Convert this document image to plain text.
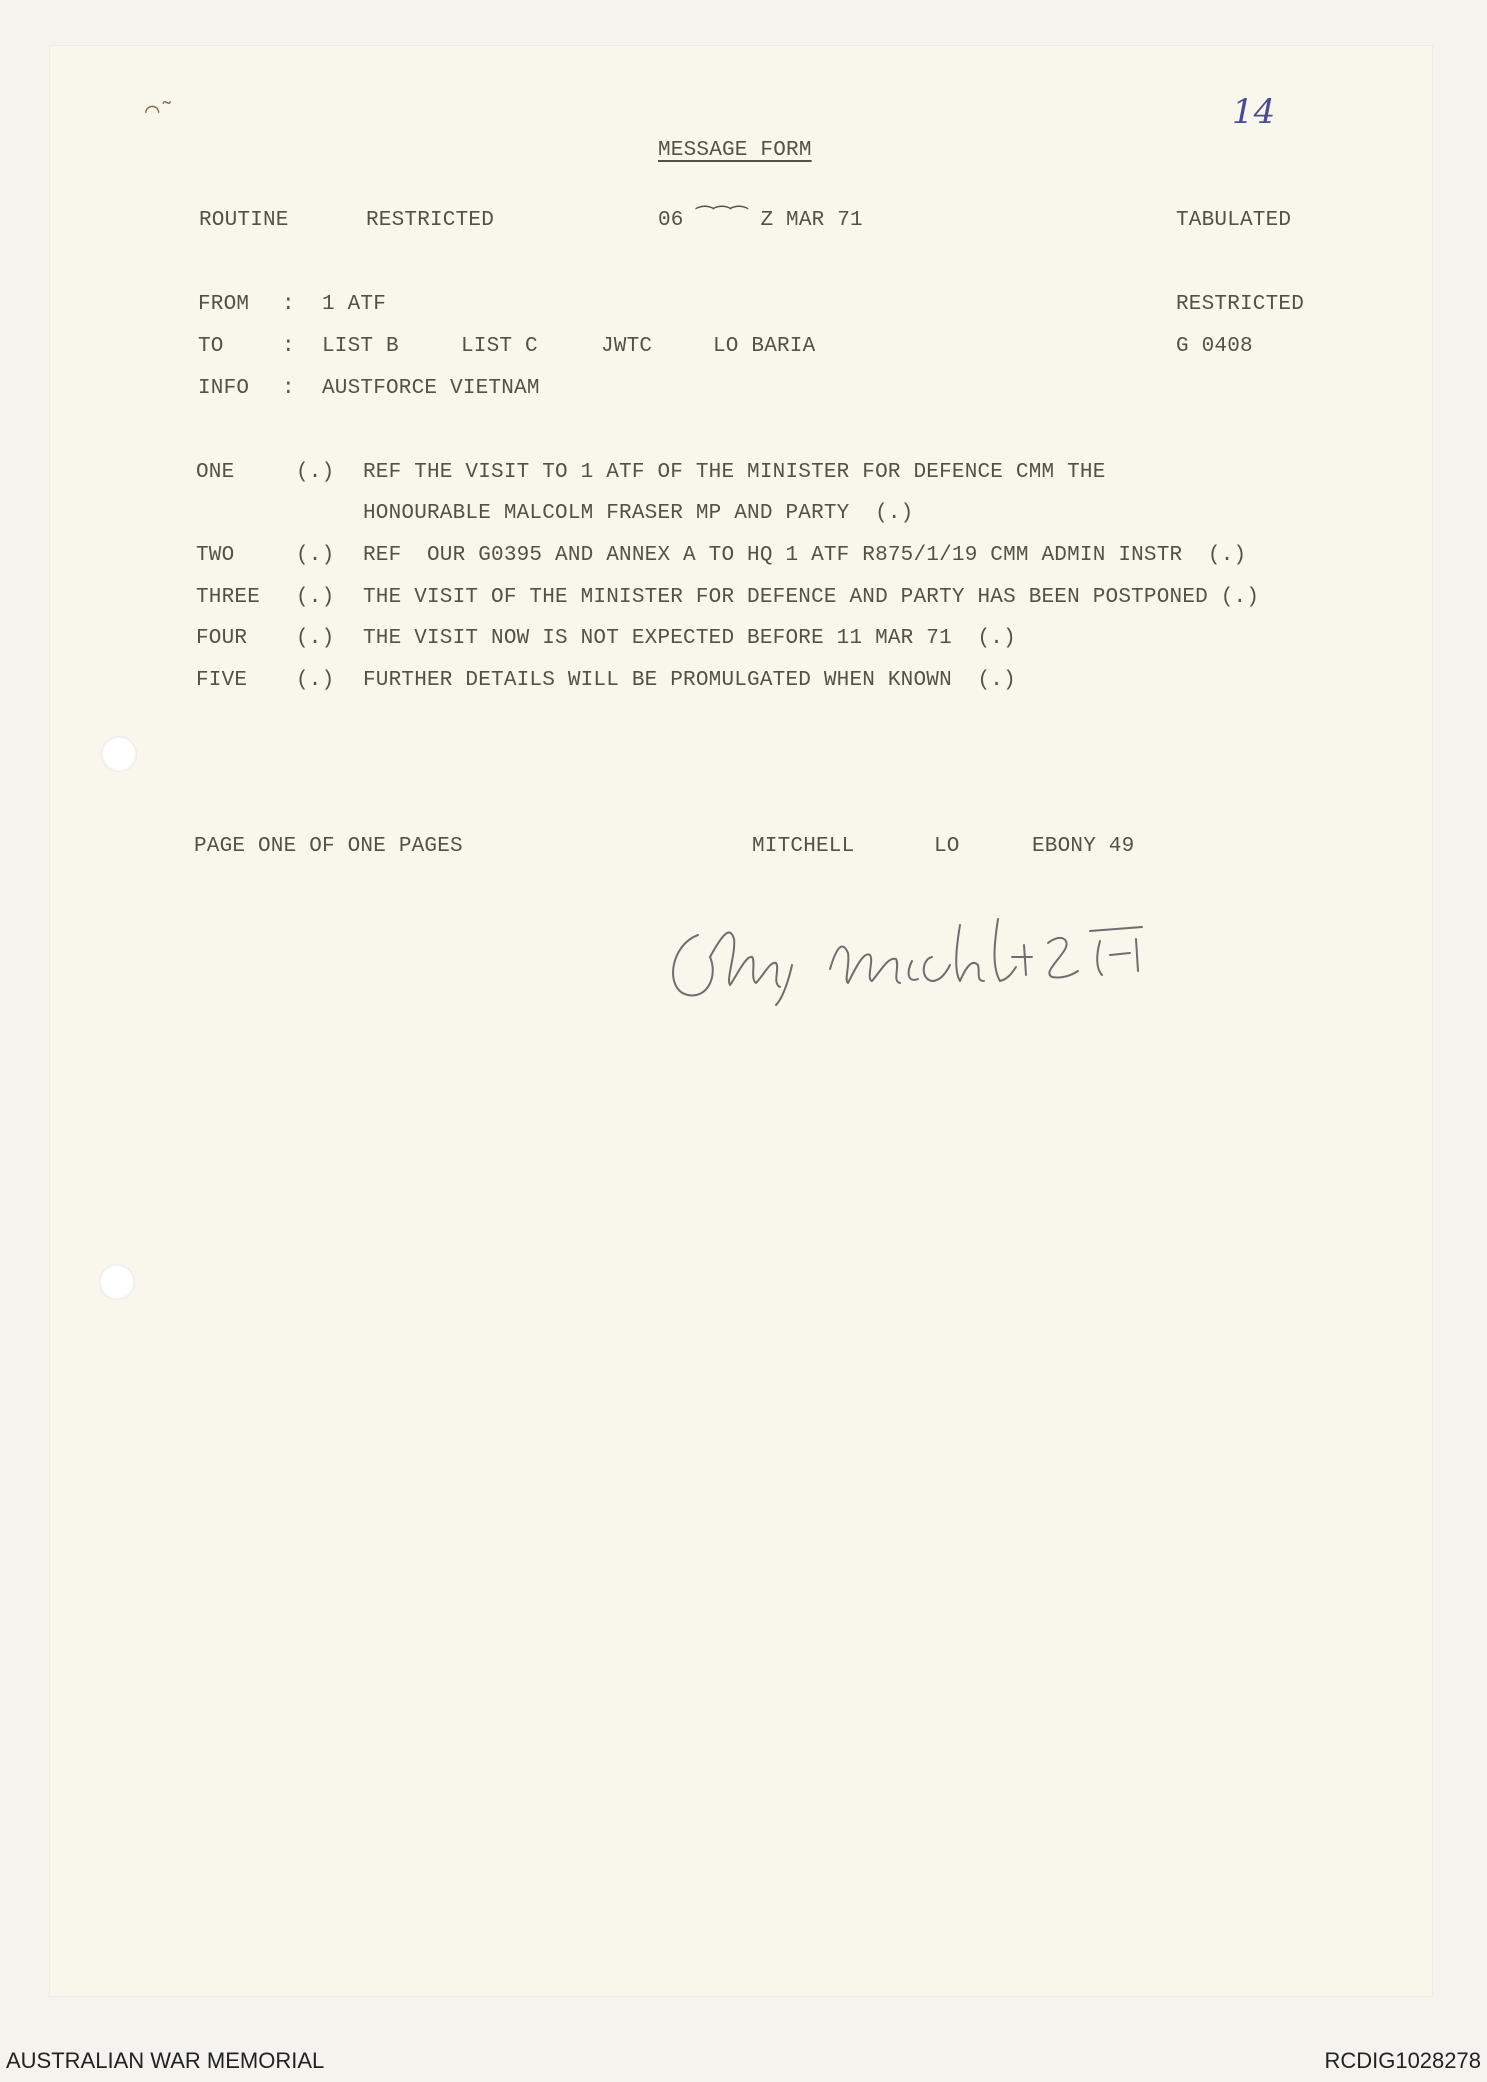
⌒˜	14
MESSAGE FORM
ROUTINE	RESTRICTED	06 ⁀⁀⁀ Z MAR 71	TABULATED
FROM : 1 ATF	RESTRICTED
TO	: LIST B	LIST C	JWTC	LO BARIA	G 0408
INFO : AUSTFORCE VIETNAM
ONE	(.) REF THE VISIT TO 1 ATF OF THE MINISTER FOR DEFENCE CMM THE
HONOURABLE MALCOLM FRASER MP AND PARTY  (.)
TWO	(.) REF  OUR G0395 AND ANNEX A TO HQ 1 ATF R875/1/19 CMM ADMIN INSTR  (.)
THREE (.) THE VISIT OF THE MINISTER FOR DEFENCE AND PARTY HAS BEEN POSTPONED (.)
FOUR (.) THE VISIT NOW IS NOT EXPECTED BEFORE 11 MAR 71  (.)
FIVE (.) FURTHER DETAILS WILL BE PROMULGATED WHEN KNOWN  (.)
PAGE ONE OF ONE PAGES	MITCHELL	LO	EBONY 49
AUSTRALIAN WAR MEMORIAL	RCDIG1028278
